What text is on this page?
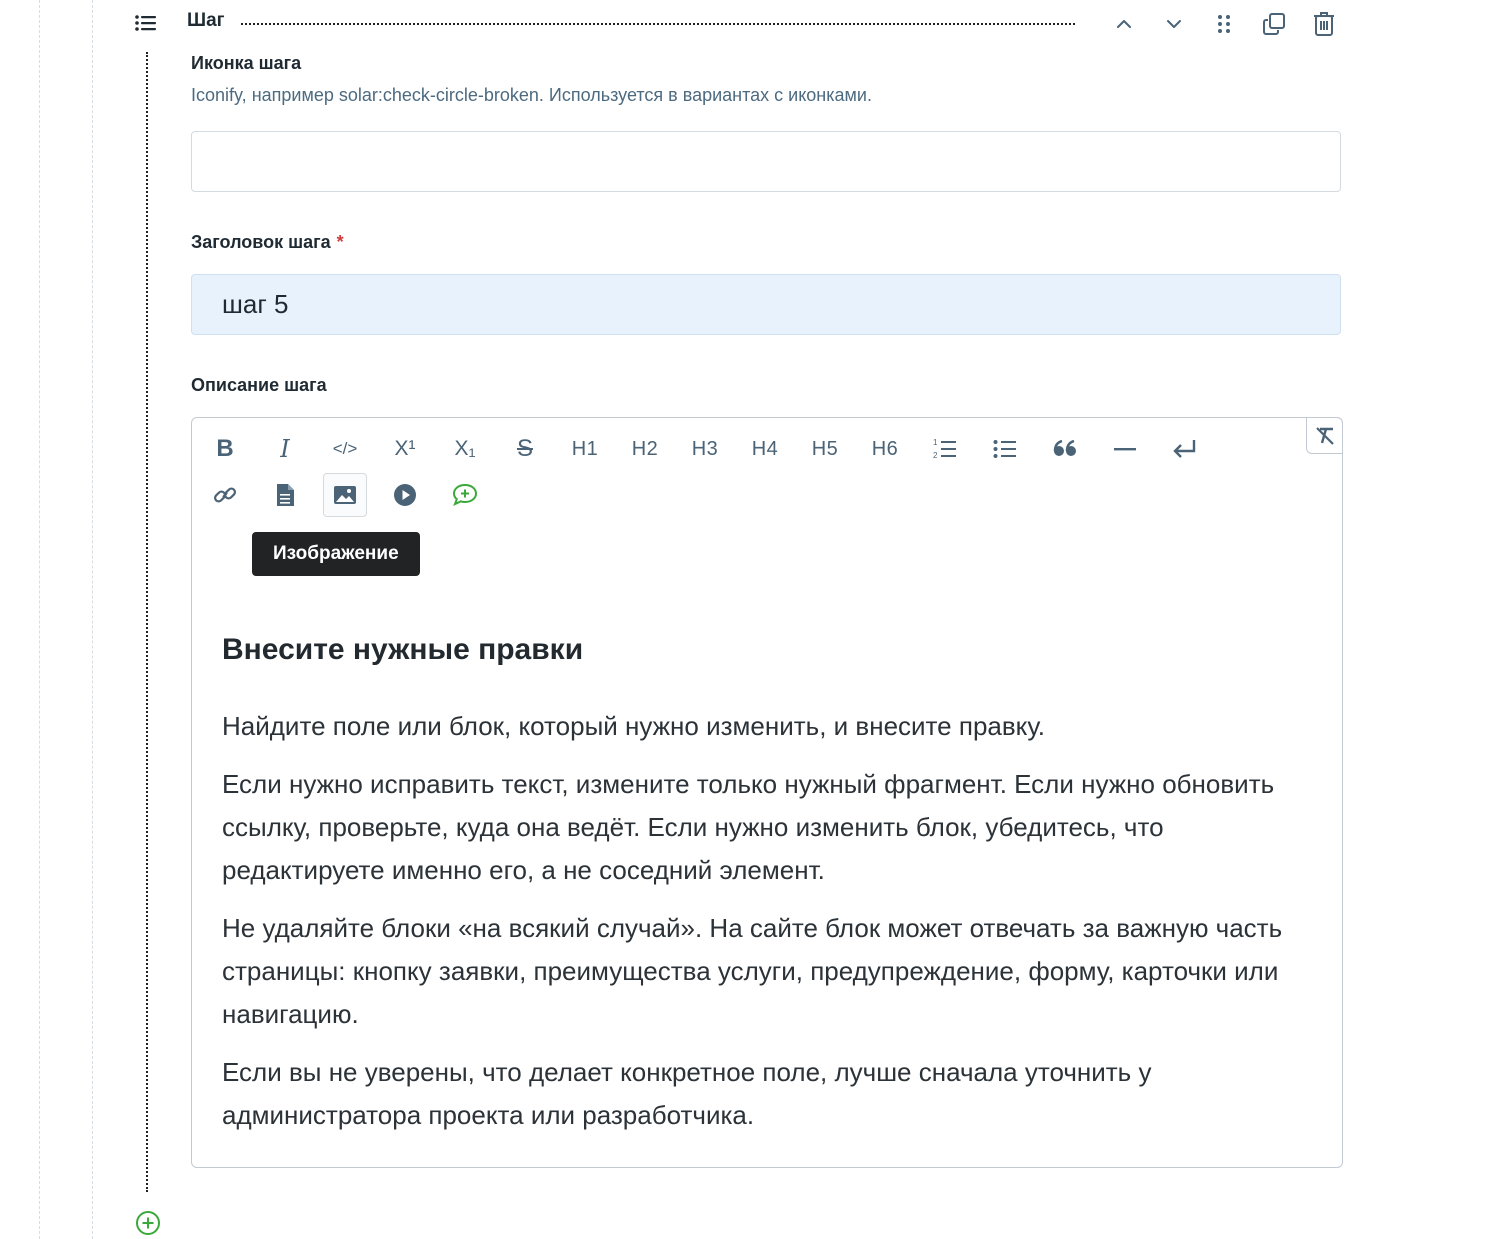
Шаг
Иконка шага
Iconify, например solar:check-circle-broken. Используется в вариантах с иконками.
Заголовок шага *
шаг 5
Описание шага
B	I	</>	X¹	X₁	S	H1	H2	H3	H4	H5	H6	1
2
Изображение
Внесите нужные правки

Найдите поле или блок, который нужно изменить, и внесите правку.

Если нужно исправить текст, измените только нужный фрагмент. Если нужно обновить ссылку, проверьте, куда она ведёт. Если нужно изменить блок, убедитесь, что редактируете именно его, а не соседний элемент.

Не удаляйте блоки «на всякий случай». На сайте блок может отвечать за важную часть страницы: кнопку заявки, преимущества услуги, предупреждение, форму, карточки или навигацию.

Если вы не уверены, что делает конкретное поле, лучше сначала уточнить у администратора проекта или разработчика.
